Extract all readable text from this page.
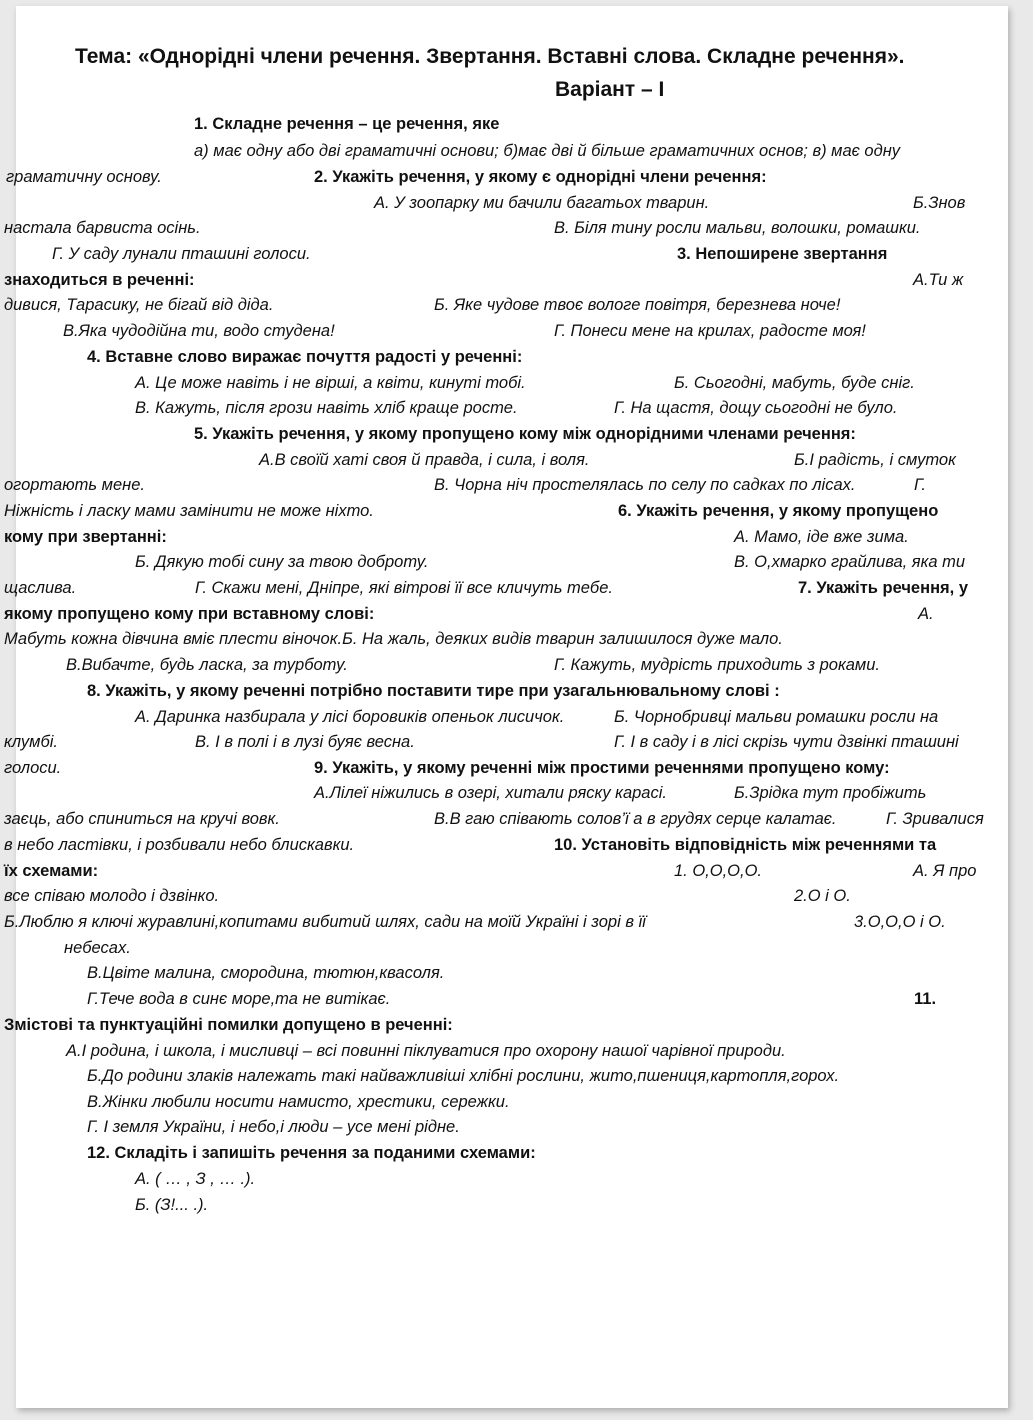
Тема: «Однорідні члени речення. Звертання. Вставні слова. Складне речення».
Варіант – І
1. Складне речення – це речення, яке
а) має одну або дві граматичні основи; б)має дві й більше граматичних основ; в) має одну
граматичну основу.	2. Укажіть речення, у якому є однорідні члени речення:
А. У зоопарку ми бачили багатьох тварин.	Б.Знов
настала барвиста осінь.	В. Біля тину росли мальви, волошки, ромашки.
Г. У саду лунали пташині голоси.	3. Непоширене звертання
знаходиться в реченні:	А.Ти ж
дивися, Тарасику, не бігай від діда.	Б. Яке чудове твоє вологе повітря, березнева ноче!
В.Яка чудодійна ти, водо студена!	Г. Понеси мене на крилах, радосте моя!
4. Вставне слово виражає почуття радості у реченні:
А. Це може навіть і не вірші, а квіти, кинуті тобі.	Б. Сьогодні, мабуть, буде сніг.
В. Кажуть, після грози навіть хліб краще росте.	Г. На щастя, дощу сьогодні не було.
5. Укажіть речення, у якому пропущено кому між однорідними членами речення:
А.В своїй хаті своя й правда, і сила, і воля.	Б.І радість, і смуток
огортають мене.	В. Чорна ніч простелялась по селу по садках по лісах.	Г.
Ніжність і ласку мами замінити не може ніхто.	6. Укажіть речення, у якому пропущено
кому при звертанні:	А. Мамо, іде вже зима.
Б. Дякую тобі сину за твою доброту.	В. О,хмарко грайлива, яка ти
щаслива.	Г. Скажи мені, Дніпре, які вітрові її все кличуть тебе.	7. Укажіть речення, у
якому пропущено кому при вставному слові:	А.
Мабуть кожна дівчина вміє плести віночок.Б. На жаль, деяких видів тварин залишилося дуже мало.
В.Вибачте, будь ласка, за турботу.	Г. Кажуть, мудрість приходить з роками.
8. Укажіть, у якому реченні потрібно поставити тире при узагальнювальному слові :
А. Даринка назбирала у лісі боровиків опеньок лисичок.	Б. Чорнобривці мальви ромашки росли на
клумбі.	В. І в полі і в лузі буяє весна.	Г. І в саду і в лісі скрізь чути дзвінкі пташині
голоси.	9. Укажіть, у якому реченні між простими реченнями пропущено кому:
А.Лілеї ніжились в озері, хитали ряску карасі.	Б.Зрідка тут пробіжить
заєць, або спиниться на кручі вовк.	В.В гаю співають солов’ї а в грудях серце калатає.	Г. Зривалися
в небо ластівки, і розбивали небо блискавки.	10. Установіть відповідність між реченнями та
їх схемами:	1. О,О,О,О.	А. Я про
все співаю молодо і дзвінко.	2.О і О.
Б.Люблю я ключі журавлині,копитами вибитий шлях, сади на моїй Україні і зорі в її	3.О,О,О і О.
небесах.
В.Цвіте малина, смородина, тютюн,квасоля.
Г.Тече вода в синє море,та не витікає.	11.
Змістові та пунктуаційні помилки допущено в реченні:
А.І родина, і школа, і мисливці – всі повинні піклуватися про охорону нашої чарівної природи.
Б.До родини злаків належать такі найважливіші хлібні рослини, жито,пшениця,картопля,горох.
В.Жінки любили носити намисто, хрестики, сережки.
Г. І земля України, і небо,і люди – усе мені рідне.
12. Складіть і запишіть речення за поданими схемами:
А. ( … , З , … .).
Б. (З!... .).
